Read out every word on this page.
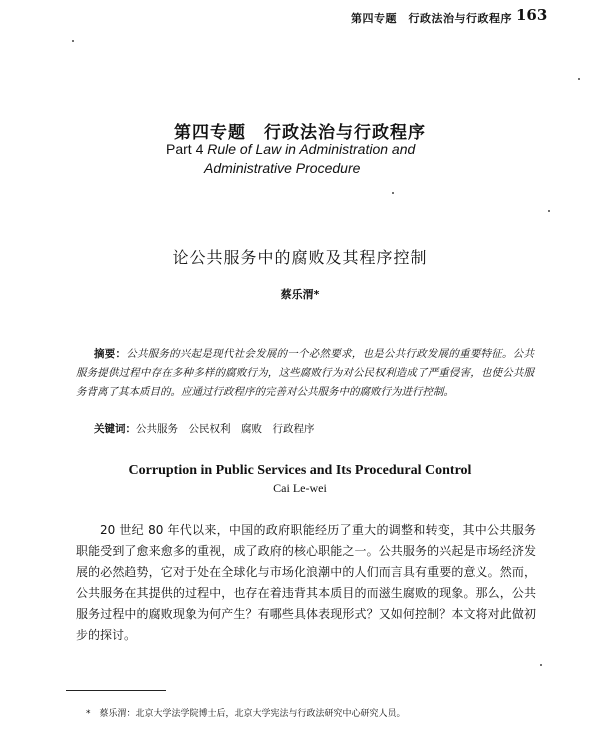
第四专题　行政法治与行政程序 163
第四专题　行政法治与行政程序
Part 4 Rule of Law in Administration and
Administrative Procedure
论公共服务中的腐败及其程序控制
蔡乐渭*
摘要：公共服务的兴起是现代社会发展的一个必然要求，也是公共行政发展的重要特征。公共服务提供过程中存在多种多样的腐败行为，这些腐败行为对公民权利造成了严重侵害，也使公共服务背离了其本质目的。应通过行政程序的完善对公共服务中的腐败行为进行控制。
关键词：公共服务　公民权利　腐败　行政程序
Corruption in Public Services and Its Procedural Control
Cai Le-wei
20 世纪 80 年代以来，中国的政府职能经历了重大的调整和转变，其中公共服务职能受到了愈来愈多的重视，成了政府的核心职能之一。公共服务的兴起是市场经济发展的必然趋势，它对于处在全球化与市场化浪潮中的人们而言具有重要的意义。然而，公共服务在其提供的过程中，也存在着违背其本质目的而滋生腐败的现象。那么，公共服务过程中的腐败现象为何产生？有哪些具体表现形式？又如何控制？本文将对此做初步的探讨。
*　蔡乐渭：北京大学法学院博士后，北京大学宪法与行政法研究中心研究人员。
